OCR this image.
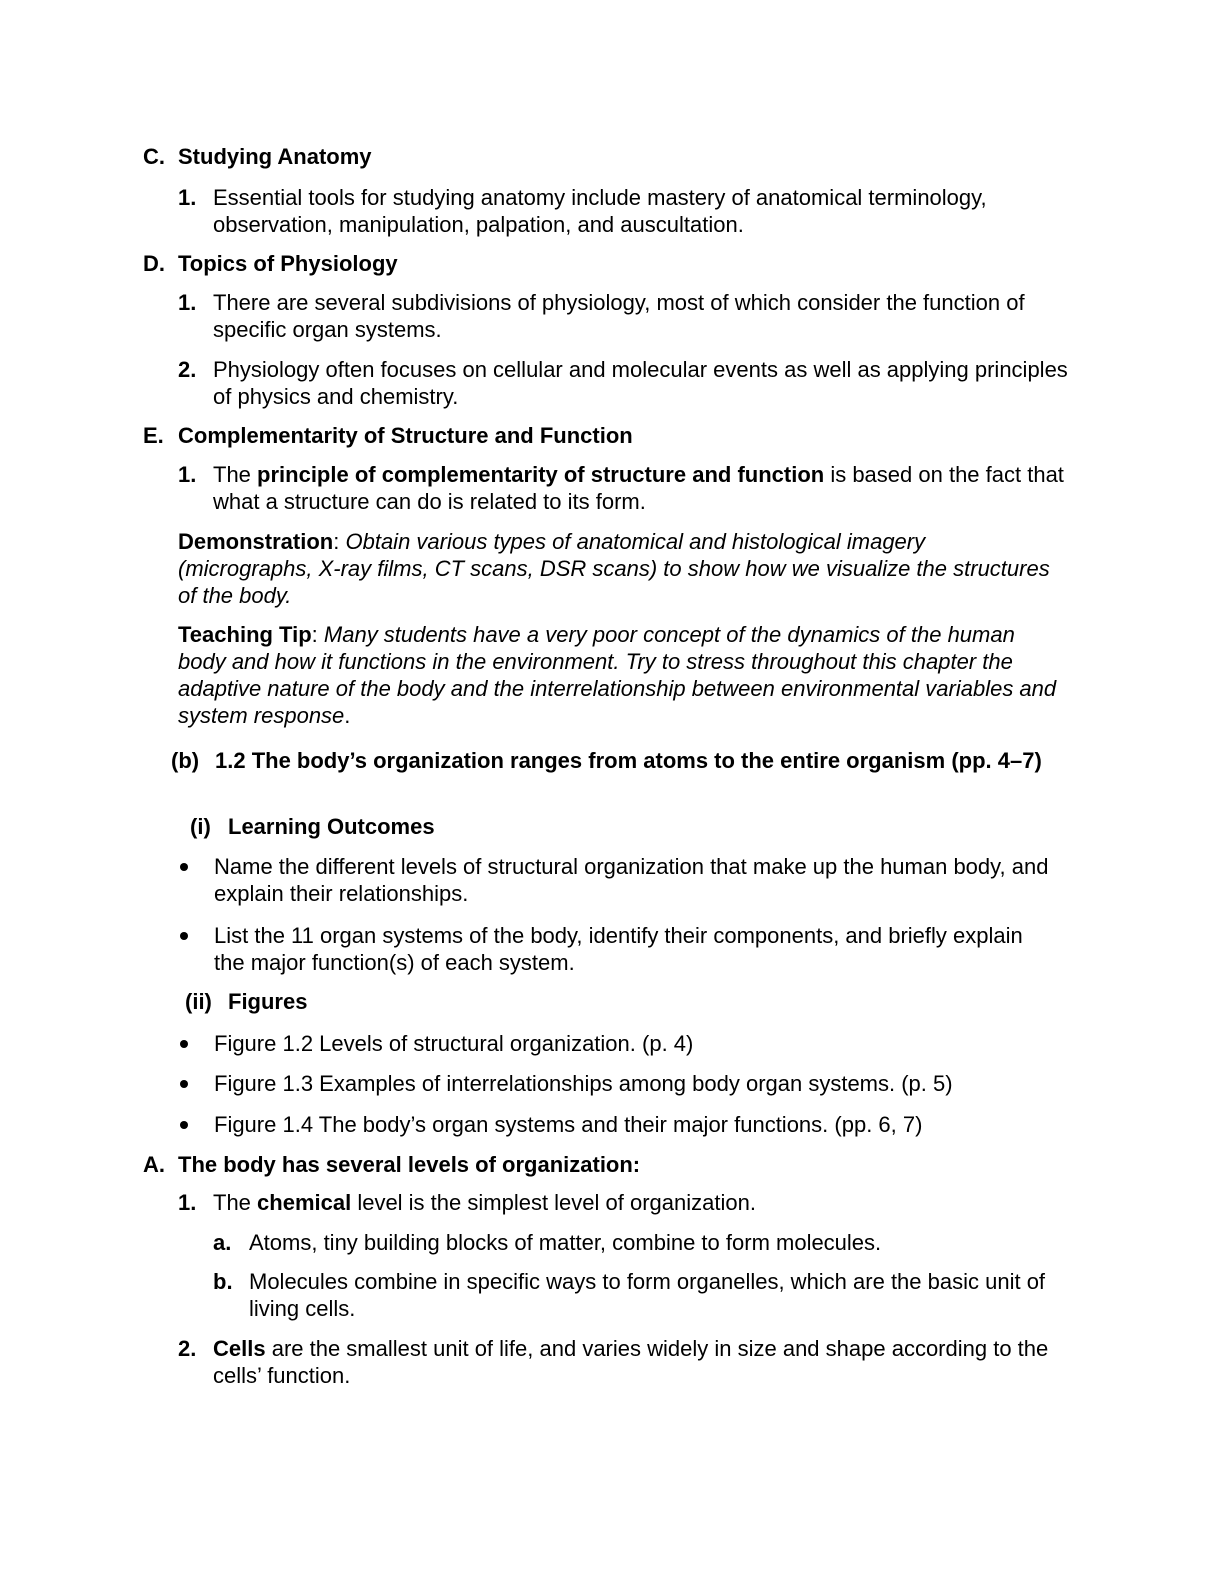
C. Studying Anatomy
1. Essential tools for studying anatomy include mastery of anatomical terminology, observation, manipulation, palpation, and auscultation.
D. Topics of Physiology
1. There are several subdivisions of physiology, most of which consider the function of specific organ systems.
2. Physiology often focuses on cellular and molecular events as well as applying principles of physics and chemistry.
E. Complementarity of Structure and Function
1. The principle of complementarity of structure and function is based on the fact that what a structure can do is related to its form.
Demonstration: Obtain various types of anatomical and histological imagery (micrographs, X-ray films, CT scans, DSR scans) to show how we visualize the structures of the body.
Teaching Tip: Many students have a very poor concept of the dynamics of the human body and how it functions in the environment. Try to stress throughout this chapter the adaptive nature of the body and the interrelationship between environmental variables and system response.
(b) 1.2 The body’s organization ranges from atoms to the entire organism (pp. 4–7)
(i) Learning Outcomes
Name the different levels of structural organization that make up the human body, and explain their relationships.
List the 11 organ systems of the body, identify their components, and briefly explain the major function(s) of each system.
(ii) Figures
Figure 1.2 Levels of structural organization. (p. 4)
Figure 1.3 Examples of interrelationships among body organ systems. (p. 5)
Figure 1.4 The body’s organ systems and their major functions. (pp. 6, 7)
A. The body has several levels of organization:
1. The chemical level is the simplest level of organization.
a. Atoms, tiny building blocks of matter, combine to form molecules.
b. Molecules combine in specific ways to form organelles, which are the basic unit of living cells.
2. Cells are the smallest unit of life, and varies widely in size and shape according to the cells’ function.
